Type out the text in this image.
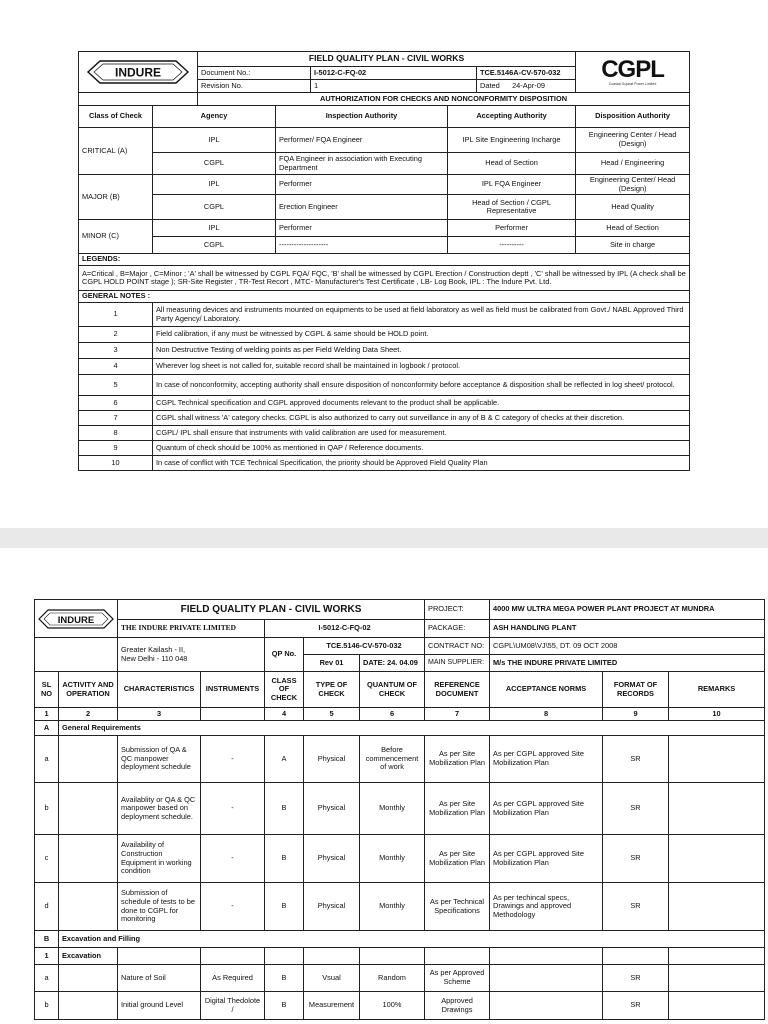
INDURE		FIELD QUALITY PLAN - CIVIL WORKS					CGPL
Coastal Gujarat Power Limited

		Document No.:		I-5012-C-FQ-02		TCE.5146A-CV-570-032	
		Revision No.		1		Dated 24-Apr-09	
		AUTHORIZATION FOR CHECKS AND NONCONFORMITY DISPOSITION					
Class of Check	Agency		Inspection Authority		Accepting Authority		Disposition Authority
CRITICAL (A)	IPL		Performer/ FQA Engineer		IPL Site Engineering Incharge		Engineering Center / Head (Design)
	CGPL		FQA Engineer in association with Executing Department		Head of Section		Head / Engineering
MAJOR (B)	IPL		Performer		IPL FQA Engineer		Engineering Center/ Head (Design)
	CGPL		Erection Engineer		Head of Section / CGPL Representative		Head Quality
MINOR (C)	IPL		Performer		Performer		Head of Section
	CGPL		--------------------		----------		Site in charge
LEGENDS:							
A=Critical , B=Major , C=Minor ; 'A' shall be witnessed by CGPL FQA/ FQC, 'B' shall be witnessed by CGPL Erection / Construction deptt , 'C' shall be witnessed by IPL (A check shall be CGPL HOLD POINT stage ); SR-Site Register , TR-Test Recort , MTC- Manufacturer's Test Certificate , LB- Log Book, IPL : The Indure Pvt. Ltd.							
GENERAL NOTES :							
1	All measuring devices and instruments mounted on equipments to be used at field laboratory as well as field must be calibrated from Govt./ NABL Approved Third Party Agency/ Laboratory.						
2	Field calibration, if any must be witnessed by CGPL & same should be HOLD point.						
3	Non Destructive Testing of welding points as per Field Welding Data Sheet.						
4	Wherever log sheet is not called for, suitable record shall be maintained in logbook / protocol.						
5	In case of nonconformity, accepting authority shall ensure disposition of nonconformity before acceptance & disposition shall be reflected in log sheet/ protocol.						
6	CGPL Technical specification and CGPL approved documents relevant to the product shall be applicable.						
7	CGPL shall witness 'A' category checks. CGPL is also authorized to carry out surveillance in any of B & C category of checks at their discretion.						
8	CGPL/ IPL shall ensure that instruments with valid calibration are used for measurement.						
9	Quantum of check should be 100% as mentioned in QAP / Reference documents.						
10	In case of conflict with TCE Technical Specification, the priority should be Approved Field Quality Plan						
INDURE		FIELD QUALITY PLAN - CIVIL WORKS					PROJECT:	4000 MW ULTRA MEGA POWER PLANT PROJECT AT MUNDRA		
		THE INDURE PRIVATE LIMITED		I-5012-C-FQ-02			PACKAGE:	ASH HANDLING PLANT		

		Greater Kailash - II,
New Delhi - 110 048		QP No.	TCE.5146-CV-570-032		CONTRACT NO:	CGPL\UM08\VJ\55, DT. 09 OCT 2008		
					Rev 01	DATE: 24. 04.09	MAIN SUPPLIER:	M/s THE INDURE PRIVATE LIMITED		
SL NO	ACTIVITY AND OPERATION	CHARACTERISTICS	INSTRUMENTS	CLASS OF CHECK	TYPE OF CHECK	QUANTUM OF CHECK	REFERENCE DOCUMENT	ACCEPTANCE NORMS	FORMAT OF RECORDS	REMARKS
1	2	3		4	5	6	7	8	9	10
A	General Requirements									
a		Submission of QA & QC manpower deployment schedule	-	A	Physical	Before commencement of work	As per Site Mobilization Plan	As per CGPL approved Site Mobilization Plan	SR	
b		Availablity or QA & QC manpower based on deployment schedule.	-	B	Physical	Monthly	As per Site Mobilization Plan	As per CGPL approved Site Mobilization Plan	SR	
c		Availability of Construction Equipment in working condition	-	B	Physical	Monthly	As per Site Mobilization Plan	As per CGPL approved Site Mobilization Plan	SR	
d		Submission of schedule of tests to be done to CGPL for monitoring	-	B	Physical	Monthly	As per Technical Specifications	As per techincal specs, Drawings and approved Methodology	SR	
B	Excavation and Filling									
1	Excavation									
a		Nature of Soil	As Required	B	Vsual	Random	As per Approved Scheme		SR	
b		Initial ground Level	Digital Thedolote /	B	Measurement	100%	Approved Drawings		SR	
